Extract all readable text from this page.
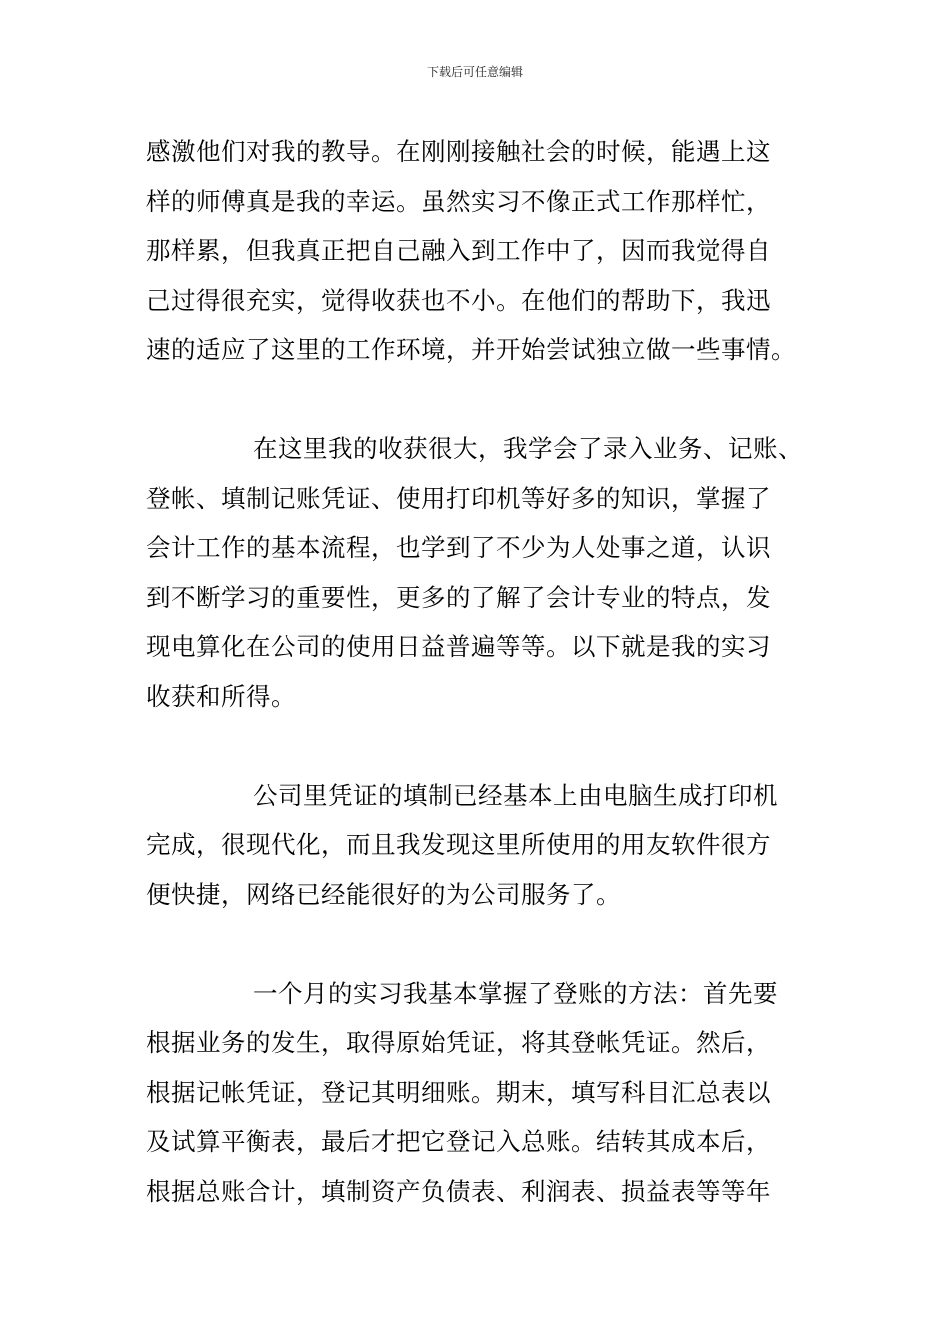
下载后可任意编辑
感激他们对我的教导。在刚刚接触社会的时候，能遇上这
样的师傅真是我的幸运。虽然实习不像正式工作那样忙，
那样累，但我真正把自己融入到工作中了，因而我觉得自
己过得很充实，觉得收获也不小。在他们的帮助下，我迅
速的适应了这里的工作环境，并开始尝试独立做一些事情。
在这里我的收获很大，我学会了录入业务、记账、
登帐、填制记账凭证、使用打印机等好多的知识，掌握了
会计工作的基本流程，也学到了不少为人处事之道，认识
到不断学习的重要性，更多的了解了会计专业的特点，发
现电算化在公司的使用日益普遍等等。以下就是我的实习
收获和所得。
公司里凭证的填制已经基本上由电脑生成打印机
完成，很现代化，而且我发现这里所使用的用友软件很方
便快捷，网络已经能很好的为公司服务了。
一个月的实习我基本掌握了登账的方法：首先要
根据业务的发生，取得原始凭证，将其登帐凭证。然后，
根据记帐凭证，登记其明细账。期末，填写科目汇总表以
及试算平衡表，最后才把它登记入总账。结转其成本后，
根据总账合计，填制资产负债表、利润表、损益表等等年
